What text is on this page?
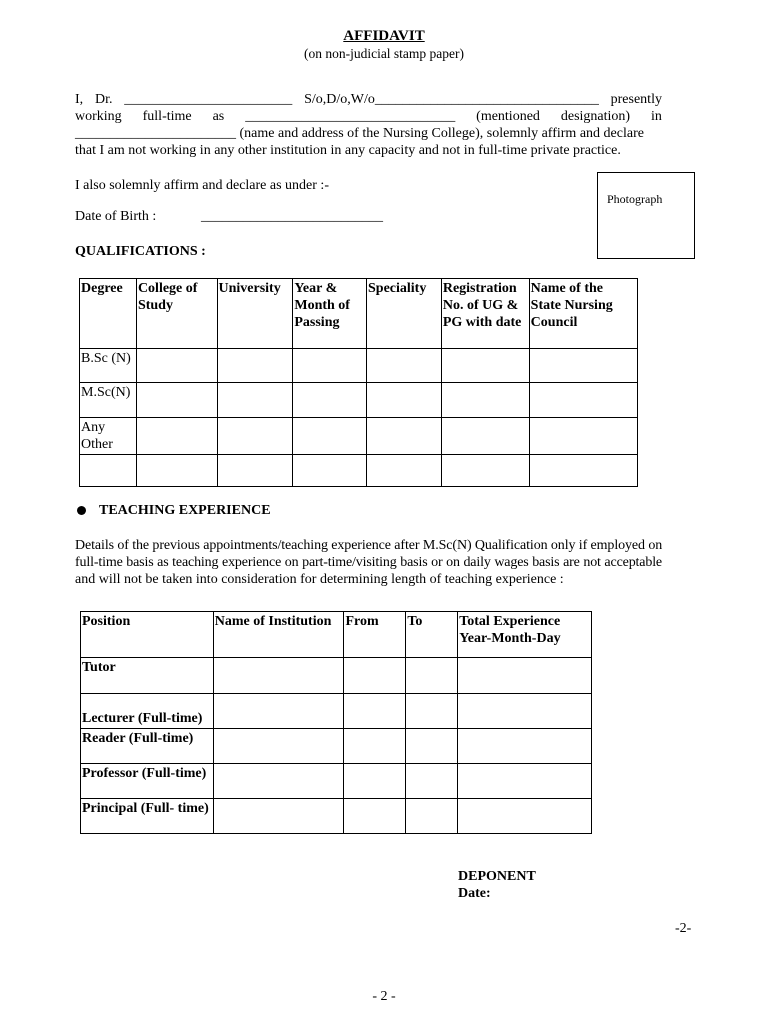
AFFIDAVIT
(on non-judicial stamp paper)
I, Dr. ________________________ S/o,D/o,W/o________________________________ presently
working full-time as ______________________________ (mentioned designation) in
_______________________ (name and address of the Nursing College), solemnly affirm and declare
that I am not working in any other institution in any capacity and not in full-time private practice.
I also solemnly affirm and declare as under :-
Date of Birth :	__________________________
Photograph
QUALIFICATIONS :
Degree	College of Study	University	Year & Month of Passing	Speciality	Registration No. of UG & PG with date	Name of the State Nursing Council
B.Sc (N)						
M.Sc(N)						
Any Other						

TEACHING EXPERIENCE
Details of the previous appointments/teaching experience after M.Sc(N) Qualification only if employed on
full-time basis as teaching experience on part-time/visiting basis or on daily wages basis are not acceptable
and will not be taken into consideration for determining length of teaching experience :
Position	Name of Institution	From	To	Total Experience Year-Month-Day
Tutor				
Lecturer (Full-time)				
Reader (Full-time)				
Professor (Full-time)				
Principal (Full- time)				
DEPONENT
Date:
-2-
- 2 -
